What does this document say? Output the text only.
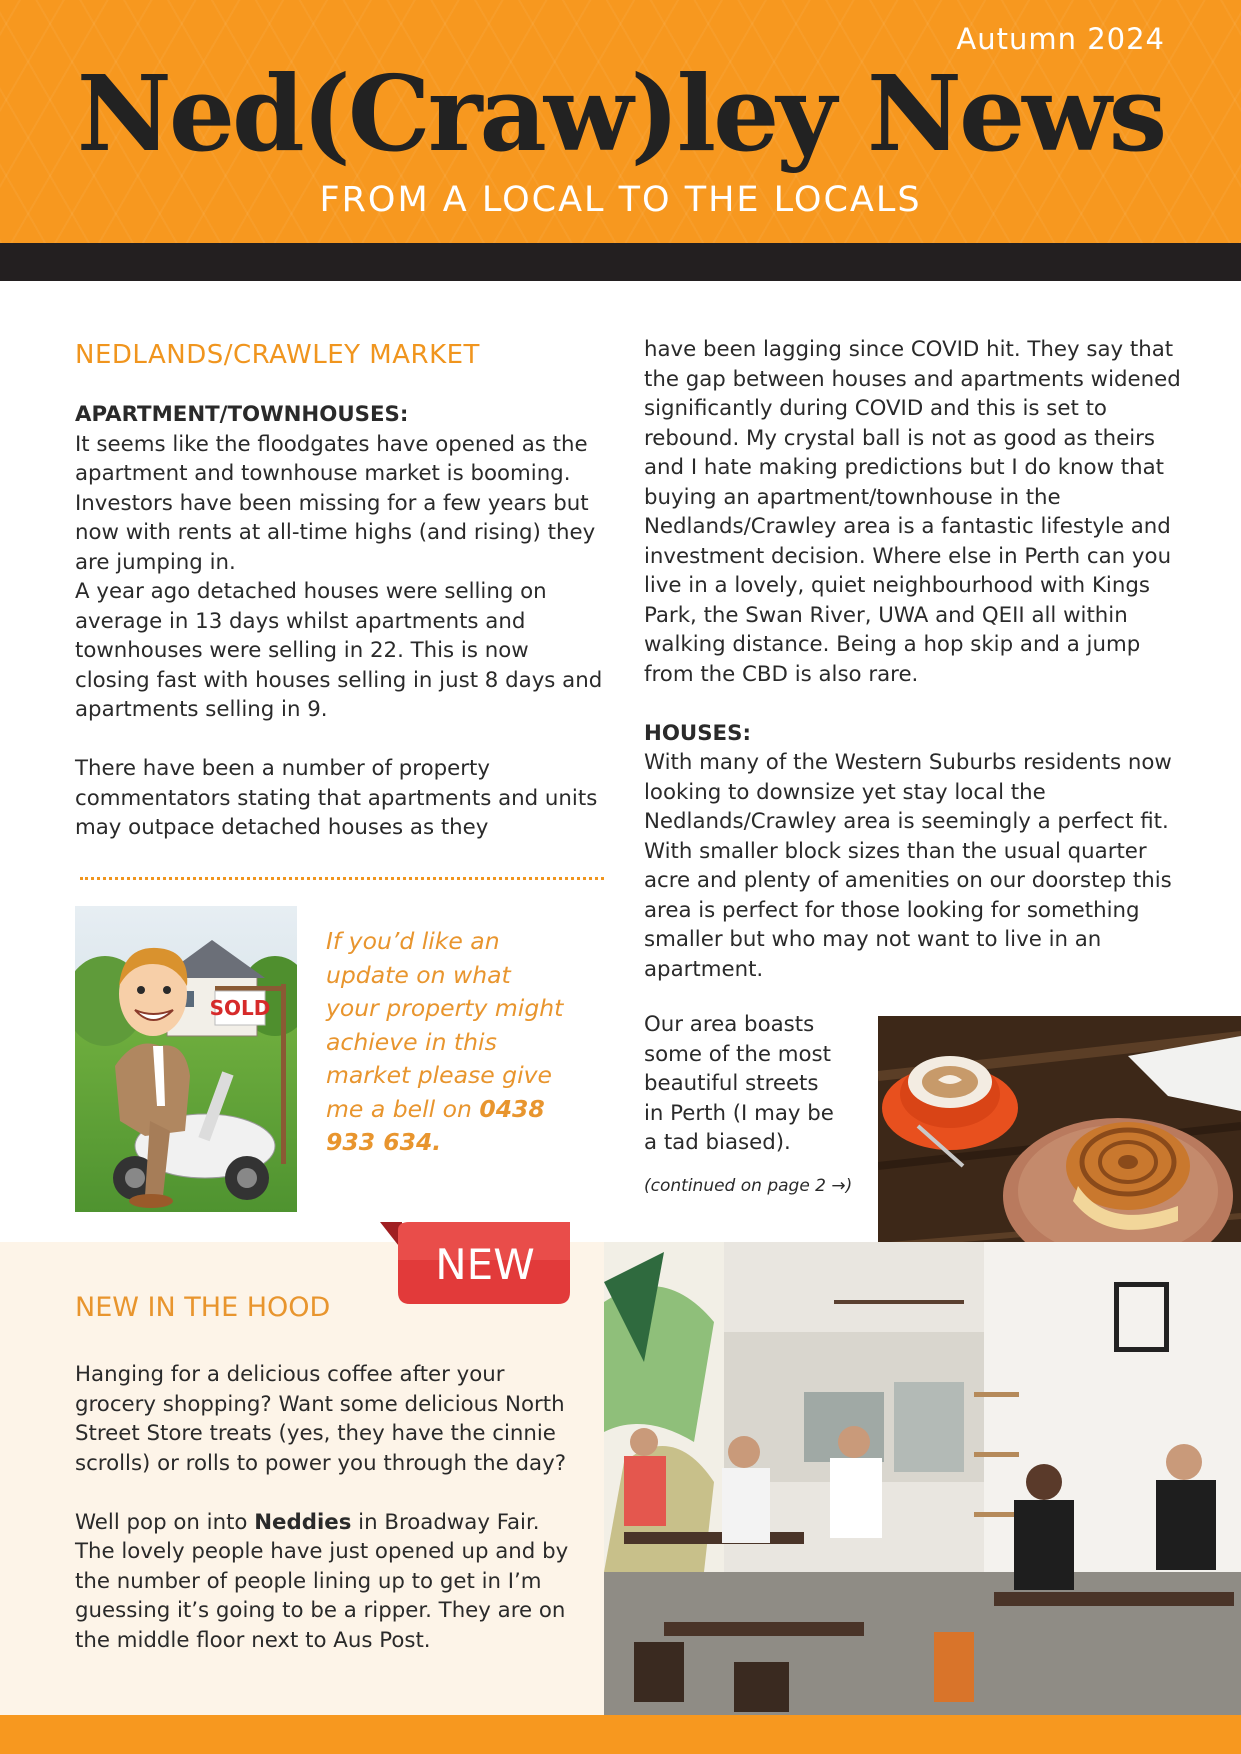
Autumn 2024
Ned(Craw)ley News
FROM A LOCAL TO THE LOCALS
NEDLANDS/CRAWLEY MARKET
APARTMENT/TOWNHOUSES:

It seems like the floodgates have opened as the apartment and townhouse market is booming. Investors have been missing for a few years but now with rents at all-time highs (and rising) they are jumping in.

A year ago detached houses were selling on average in 13 days whilst apartments and townhouses were selling in 22. This is now closing fast with houses selling in just 8 days and apartments selling in 9.

There have been a number of property commentators stating that apartments and units may outpace detached houses as they

have been lagging since COVID hit. They say that the gap between houses and apartments widened significantly during COVID and this is set to rebound. My crystal ball is not as good as theirs and I hate making predictions but I do know that buying an apartment/townhouse in the Nedlands/Crawley area is a fantastic lifestyle and investment decision. Where else in Perth can you live in a lovely, quiet neighbourhood with Kings Park, the Swan River, UWA and QEII all within walking distance. Being a hop skip and a jump from the CBD is also rare.

HOUSES:

With many of the Western Suburbs residents now looking to downsize yet stay local the Nedlands/Crawley area is seemingly a perfect fit. With smaller block sizes than the usual quarter acre and plenty of amenities on our doorstep this area is perfect for those looking for something smaller but who may not want to live in an apartment.

SOLD
If you’d like an update on what your property might achieve in this market please give me a bell on 0438 933 634.
Our area boasts some of the most beautiful streets in Perth (I may be a tad biased).
(continued on page 2 →)
NEW
NEW IN THE HOOD

Hanging for a delicious coffee after your grocery shopping? Want some delicious North Street Store treats (yes, they have the cinnie scrolls) or rolls to power you through the day?

Well pop on into Neddies in Broadway Fair. The lovely people have just opened up and by the number of people lining up to get in I’m guessing it’s going to be a ripper. They are on the middle floor next to Aus Post.
